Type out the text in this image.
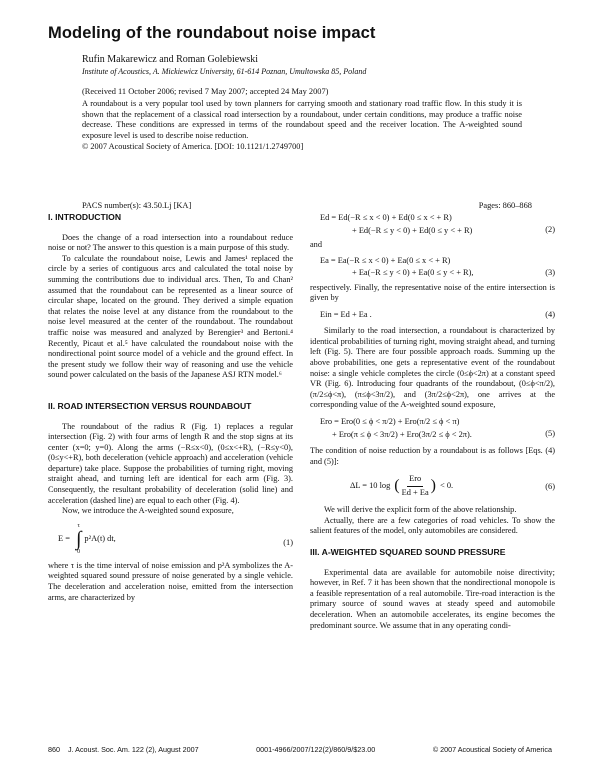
Modeling of the roundabout noise impact
Rufin Makarewicz and Roman Golebiewski
Institute of Acoustics, A. Mickiewicz University, 61-614 Poznan, Umultowska 85, Poland
(Received 11 October 2006; revised 7 May 2007; accepted 24 May 2007)
A roundabout is a very popular tool used by town planners for carrying smooth and stationary road traffic flow. In this study it is shown that the replacement of a classical road intersection by a roundabout, under certain conditions, may produce a traffic noise decrease. These conditions are expressed in terms of the roundabout speed and the receiver location. The A-weighted sound exposure level is used to describe noise reduction.
© 2007 Acoustical Society of America. [DOI: 10.1121/1.2749700]
PACS number(s): 43.50.Lj [KA]	Pages: 860–868
I. INTRODUCTION

Does the change of a road intersection into a roundabout reduce noise or not? The answer to this question is a main purpose of this study.

To calculate the roundabout noise, Lewis and James¹ replaced the circle by a series of contiguous arcs and calculated the total noise by summing the contributions due to individual arcs. Then, To and Chan² assumed that the roundabout can be represented as a linear source of circular shape, located on the ground. They derived a simple equation that relates the noise level at any distance from the roundabout to the noise level measured at the center of the roundabout. The roundabout traffic noise was measured and analyzed by Berengier³ and Bertoni.⁴ Recently, Picaut et al.⁵ have calculated the roundabout noise with the nondirectional point source model of a vehicle and the ground effect. In the present study we follow their way of reasoning and use the vehicle sound power calculated on the basis of the Japanese ASJ RTN model.⁶

II. ROAD INTERSECTION VERSUS ROUNDABOUT

The roundabout of the radius R (Fig. 1) replaces a regular intersection (Fig. 2) with four arms of length R and the stop signs at its center (x=0; y=0). Along the arms (−R≤x<0), (0≤x<+R), (−R≤y<0), (0≤y<+R), both deceleration (vehicle approach) and acceleration (vehicle departure) take place. Suppose the probabilities of turning right, moving straight ahead, and turning left are identical for each arm (Fig. 3). Consequently, the resultant probability of deceleration (solid line) and acceleration (dashed line) are equal to each other (Fig. 4).

Now, we introduce the A-weighted sound exposure,

E =
τ
∫
0
p²A(t) dt,	(1)

where τ is the time interval of noise emission and p²A symbolizes the A-weighted squared sound pressure of noise generated by a single vehicle. The deceleration and acceleration noise, emitted from the intersection arms, are characterized by

Ed = Ed(−R ≤ x < 0) + Ed(0 ≤ x < + R)
+ Ed(−R ≤ y < 0) + Ed(0 ≤ y < + R)	(2)

and

Ea = Ea(−R ≤ x < 0) + Ea(0 ≤ x < + R)
+ Ea(−R ≤ y < 0) + Ea(0 ≤ y < + R),	(3)

respectively. Finally, the representative noise of the entire intersection is given by

Ein = Ed + Ea .	(4)

Similarly to the road intersection, a roundabout is characterized by identical probabilities of turning right, moving straight ahead, and turning left (Fig. 5). There are four possible approach roads. Summing up the above probabilities, one gets a representative event of the roundabout noise: a single vehicle completes the circle (0≤ϕ<2π) at a constant speed VR (Fig. 6). Introducing four quadrants of the roundabout, (0≤ϕ<π/2), (π/2≤ϕ<π), (π≤ϕ<3π/2), and (3π/2≤ϕ<2π), one arrives at the corresponding value of the A-weighted sound exposure,

Ero = Ero(0 ≤ ϕ < π/2) + Ero(π/2 ≤ ϕ < π)
+ Ero(π ≤ ϕ < 3π/2) + Ero(3π/2 ≤ ϕ < 2π).	(5)

The condition of noise reduction by a roundabout is as follows [Eqs. (4) and (5)]:

ΔL = 10 log ( $\frac{\text{Ero}}{Ed + Ea}$ ) < 0.	(6)

We will derive the explicit form of the above relationship.

Actually, there are a few categories of road vehicles. To show the salient features of the model, only automobiles are considered.

III. A-WEIGHTED SQUARED SOUND PRESSURE

Experimental data are available for automobile noise directivity; however, in Ref. 7 it has been shown that the nondirectional monopole is a feasible representation of a real automobile. Tire-road interaction is the primary source of sound waves at steady speed and automobile deceleration. When an automobile accelerates, its engine becomes the predominant source. We assume that in any operating condi-

860    J. Acoust. Soc. Am. 122 (2), August 2007	0001-4966/2007/122(2)/860/9/$23.00	© 2007 Acoustical Society of America
